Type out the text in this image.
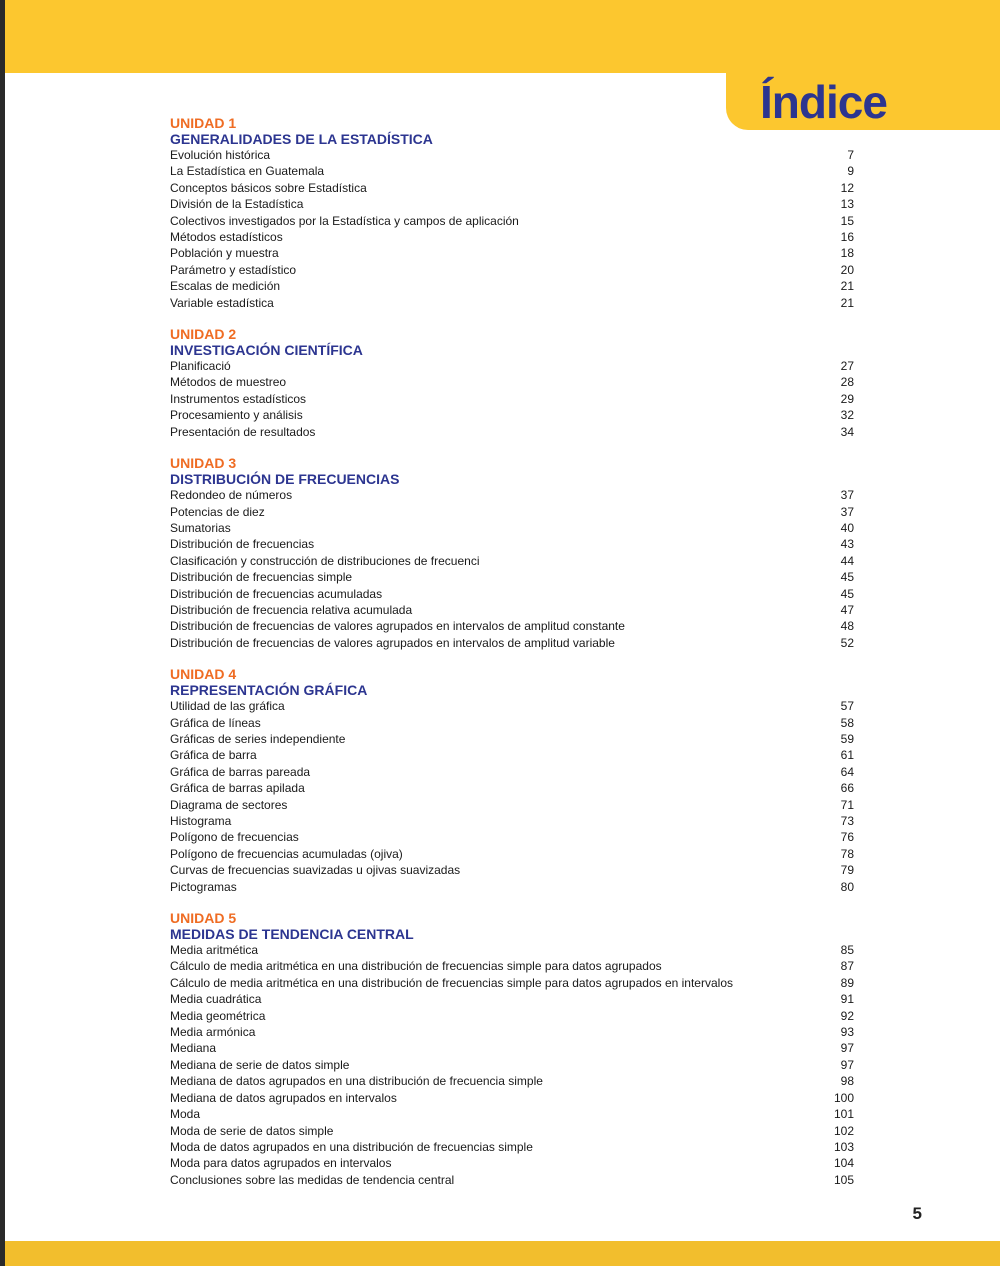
Índice
UNIDAD 1
GENERALIDADES DE LA ESTADÍSTICA
Evolución histórica	7
La Estadística en Guatemala	9
Conceptos básicos sobre Estadística	12
División de la Estadística	13
Colectivos investigados por la Estadística y campos de aplicación	15
Métodos estadísticos	16
Población y muestra	18
Parámetro y estadístico	20
Escalas de medición	21
Variable estadística	21
UNIDAD 2
INVESTIGACIÓN CIENTÍFICA
Planificació	27
Métodos de muestreo	28
Instrumentos estadísticos	29
Procesamiento y análisis	32
Presentación de resultados	34
UNIDAD 3
DISTRIBUCIÓN DE FRECUENCIAS
Redondeo de números	37
Potencias de diez	37
Sumatorias	40
Distribución de frecuencias	43
Clasificación y construcción de distribuciones de frecuenci	44
Distribución de frecuencias simple	45
Distribución de frecuencias acumuladas	45
Distribución de frecuencia relativa acumulada	47
Distribución de frecuencias de valores agrupados en intervalos de amplitud constante	48
Distribución de frecuencias de valores agrupados en intervalos de amplitud variable	52
UNIDAD 4
REPRESENTACIÓN GRÁFICA
Utilidad de las gráfica	57
Gráfica de líneas	58
Gráficas de series independiente	59
Gráfica de barra	61
Gráfica de barras pareada	64
Gráfica de barras apilada	66
Diagrama de sectores	71
Histograma	73
Polígono de frecuencias	76
Polígono de frecuencias acumuladas (ojiva)	78
Curvas de frecuencias suavizadas u ojivas suavizadas	79
Pictogramas	80
UNIDAD 5
MEDIDAS DE TENDENCIA CENTRAL
Media aritmética	85
Cálculo de media aritmética en una distribución de frecuencias simple para datos agrupados	87
Cálculo de media aritmética en una distribución de frecuencias simple para datos agrupados en intervalos	89
Media cuadrática	91
Media geométrica	92
Media armónica	93
Mediana	97
Mediana de serie de datos simple	97
Mediana de datos agrupados en una distribución de frecuencia simple	98
Mediana de datos agrupados en intervalos	100
Moda	101
Moda de serie de datos simple	102
Moda de datos agrupados en una distribución de frecuencias simple	103
Moda para datos agrupados en intervalos	104
Conclusiones sobre las medidas de tendencia central	105
5
